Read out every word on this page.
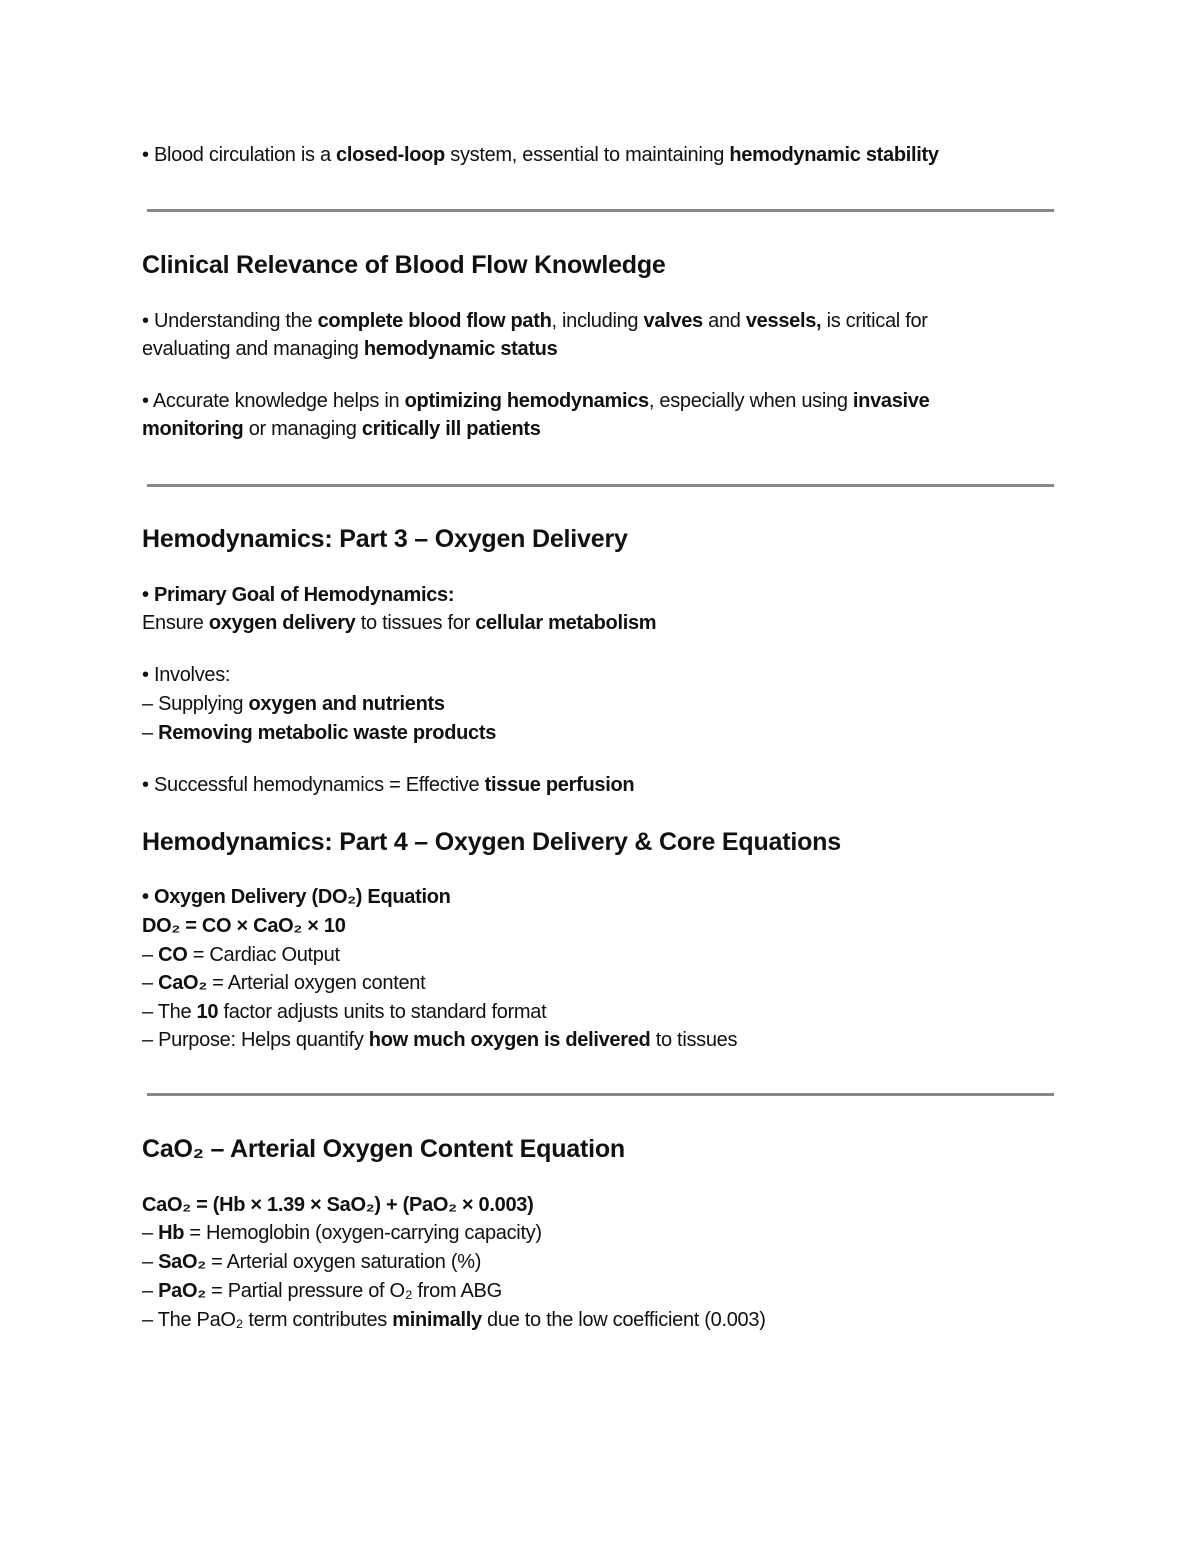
• Blood circulation is a closed-loop system, essential to maintaining hemodynamic stability
Clinical Relevance of Blood Flow Knowledge
• Understanding the complete blood flow path, including valves and vessels, is critical for
evaluating and managing hemodynamic status
• Accurate knowledge helps in optimizing hemodynamics, especially when using invasive
monitoring or managing critically ill patients
Hemodynamics: Part 3 – Oxygen Delivery
• Primary Goal of Hemodynamics:
Ensure oxygen delivery to tissues for cellular metabolism
• Involves:
– Supplying oxygen and nutrients
– Removing metabolic waste products
• Successful hemodynamics = Effective tissue perfusion
Hemodynamics: Part 4 – Oxygen Delivery & Core Equations
• Oxygen Delivery (DO₂) Equation
DO₂ = CO × CaO₂ × 10
– CO = Cardiac Output
– CaO₂ = Arterial oxygen content
– The 10 factor adjusts units to standard format
– Purpose: Helps quantify how much oxygen is delivered to tissues
CaO₂ – Arterial Oxygen Content Equation
CaO₂ = (Hb × 1.39 × SaO₂) + (PaO₂ × 0.003)
– Hb = Hemoglobin (oxygen-carrying capacity)
– SaO₂ = Arterial oxygen saturation (%)
– PaO₂ = Partial pressure of O₂ from ABG
– The PaO₂ term contributes minimally due to the low coefficient (0.003)
